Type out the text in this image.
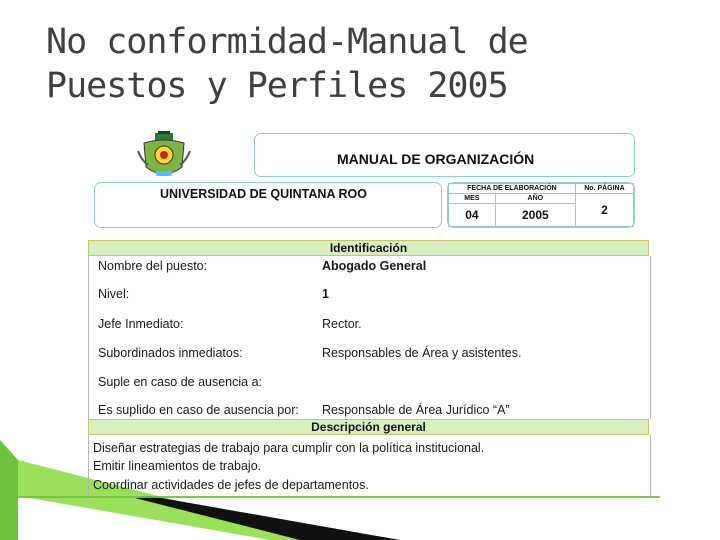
No conformidad-Manual de
Puestos y Perfiles 2005
MANUAL DE ORGANIZACIÓN
UNIVERSIDAD DE QUINTANA ROO	FECHA DE ELABORACIÓN		No. PÁGINA
MES	AÑO	2
04	2005	
Identificación
Nombre del puesto:	Abogado General
Nivel:	1
Jefe Inmediato:	Rector.
Subordinados inmediatos:	Responsables de Área y asistentes.
Suple en caso de ausencia a:
Es suplido en caso de ausencia por: Responsable de Área Jurídico “A”
Descripción general
Diseñar estrategias de trabajo para cumplir con la política institucional.
Emitir lineamientos de trabajo.
Coordinar actividades de jefes de departamentos.
